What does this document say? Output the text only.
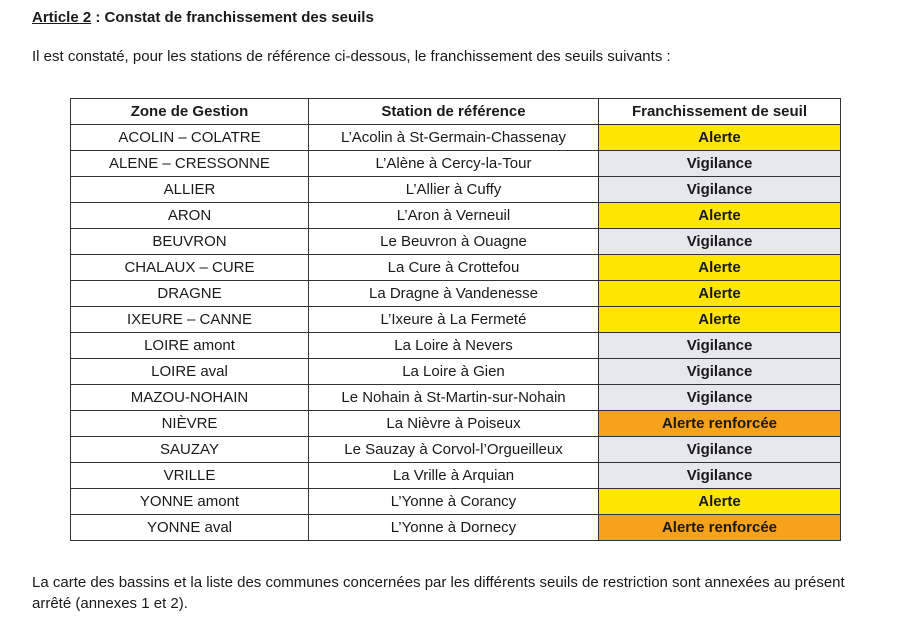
Article 2 : Constat de franchissement des seuils
Il est constaté, pour les stations de référence ci-dessous, le franchissement des seuils suivants :
Zone de Gestion	Station de référence	Franchissement de seuil
ACOLIN – COLATRE	L’Acolin à St-Germain-Chassenay	Alerte
ALENE – CRESSONNE	L’Alène à Cercy-la-Tour	Vigilance
ALLIER	L’Allier à Cuffy	Vigilance
ARON	L’Aron à Verneuil	Alerte
BEUVRON	Le Beuvron à Ouagne	Vigilance
CHALAUX – CURE	La Cure à Crottefou	Alerte
DRAGNE	La Dragne à Vandenesse	Alerte
IXEURE – CANNE	L’Ixeure à La Fermeté	Alerte
LOIRE amont	La Loire à Nevers	Vigilance
LOIRE aval	La Loire à Gien	Vigilance
MAZOU-NOHAIN	Le Nohain à St-Martin-sur-Nohain	Vigilance
NIÈVRE	La Nièvre à Poiseux	Alerte renforcée
SAUZAY	Le Sauzay à Corvol-l’Orgueilleux	Vigilance
VRILLE	La Vrille à Arquian	Vigilance
YONNE amont	L’Yonne à Corancy	Alerte
YONNE aval	L’Yonne à Dornecy	Alerte renforcée
La carte des bassins et la liste des communes concernées par les différents seuils de restriction sont annexées au présent arrêté (annexes 1 et 2).
